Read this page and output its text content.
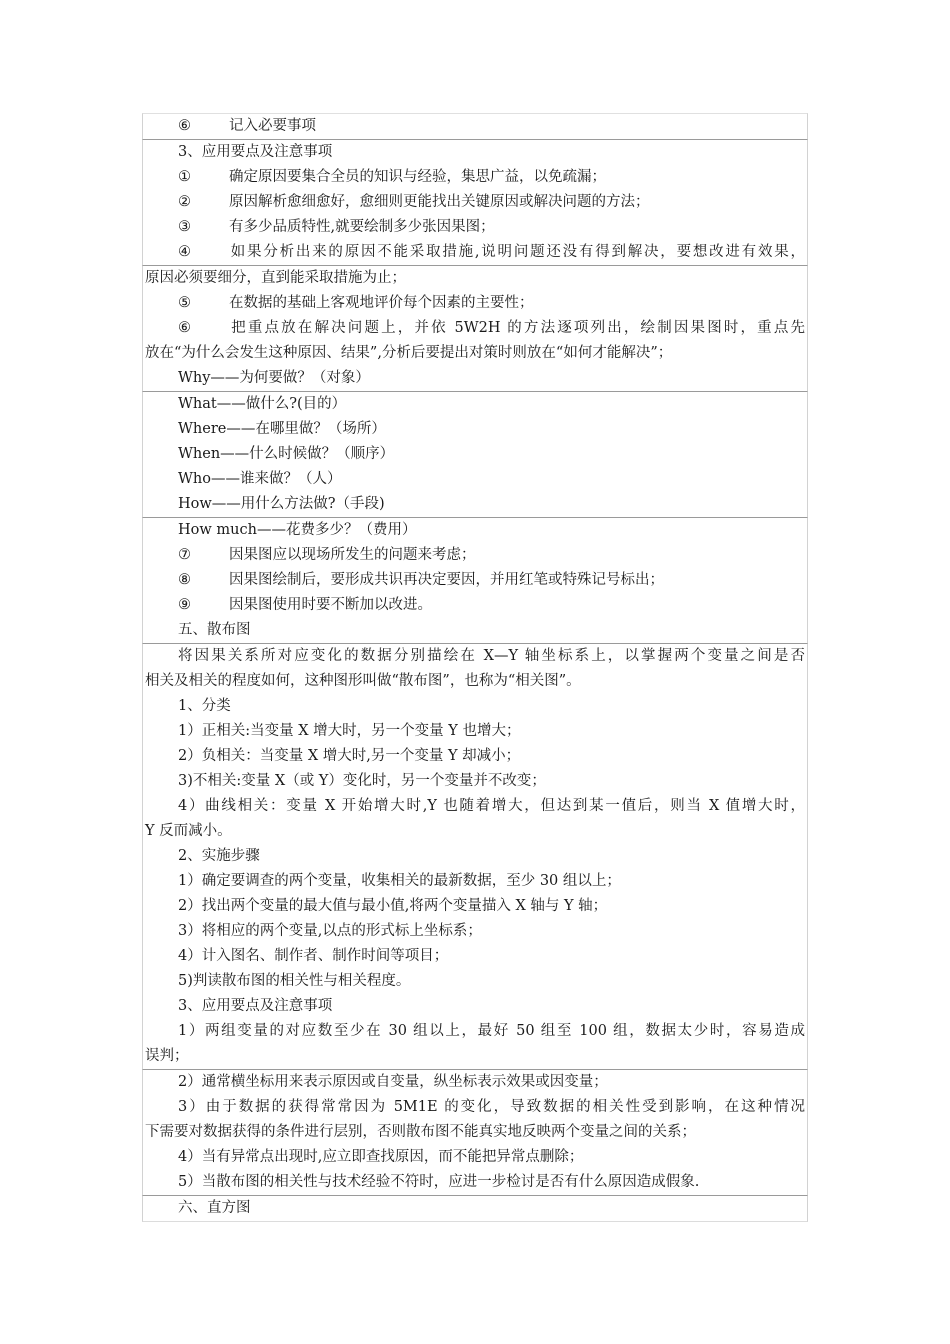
⑥	记入必要事项
3、应用要点及注意事项
①	确定原因要集合全员的知识与经验，集思广益，以免疏漏；
②	原因解析愈细愈好，愈细则更能找出关键原因或解决问题的方法；
③	有多少品质特性,就要绘制多少张因果图；
④	如果分析出来的原因不能采取措施,说明问题还没有得到解决，要想改进有效果，
原因必须要细分，直到能采取措施为止；
⑤	在数据的基础上客观地评价每个因素的主要性；
⑥	把重点放在解决问题上，并依 5W2H 的方法逐项列出，绘制因果图时，重点先
放在“为什么会发生这种原因、结果”,分析后要提出对策时则放在“如何才能解决”；
Why——为何要做？（对象）
What——做什么?(目的）
Where——在哪里做？（场所）
When——什么时候做？（顺序）
Who——谁来做？（人）
How——用什么方法做?（手段)
How much——花费多少？（费用）
⑦	因果图应以现场所发生的问题来考虑；
⑧	因果图绘制后，要形成共识再决定要因，并用红笔或特殊记号标出；
⑨	因果图使用时要不断加以改进。
五、散布图
将因果关系所对应变化的数据分别描绘在 X—Y 轴坐标系上，以掌握两个变量之间是否
相关及相关的程度如何，这种图形叫做“散布图”，也称为“相关图”。
1、分类
1）正相关:当变量 X 增大时，另一个变量 Y 也增大；
2）负相关：当变量 X 增大时,另一个变量 Y 却减小；
3)不相关:变量 X（或 Y）变化时，另一个变量并不改变；
4）曲线相关：变量 X 开始增大时,Y 也随着增大，但达到某一值后，则当 X 值增大时，
Y 反而减小。
2、实施步骤
1）确定要调查的两个变量，收集相关的最新数据，至少 30 组以上；
2）找出两个变量的最大值与最小值,将两个变量描入 X 轴与 Y 轴；
3）将相应的两个变量,以点的形式标上坐标系；
4）计入图名、制作者、制作时间等项目；
5)判读散布图的相关性与相关程度。
3、应用要点及注意事项
1）两组变量的对应数至少在 30 组以上，最好 50 组至 100 组，数据太少时，容易造成
误判；
2）通常横坐标用来表示原因或自变量，纵坐标表示效果或因变量；
3）由于数据的获得常常因为 5M1E 的变化，导致数据的相关性受到影响，在这种情况
下需要对数据获得的条件进行层别，否则散布图不能真实地反映两个变量之间的关系；
4）当有异常点出现时,应立即查找原因，而不能把异常点删除；
5）当散布图的相关性与技术经验不符时，应进一步检讨是否有什么原因造成假象.
六、直方图
